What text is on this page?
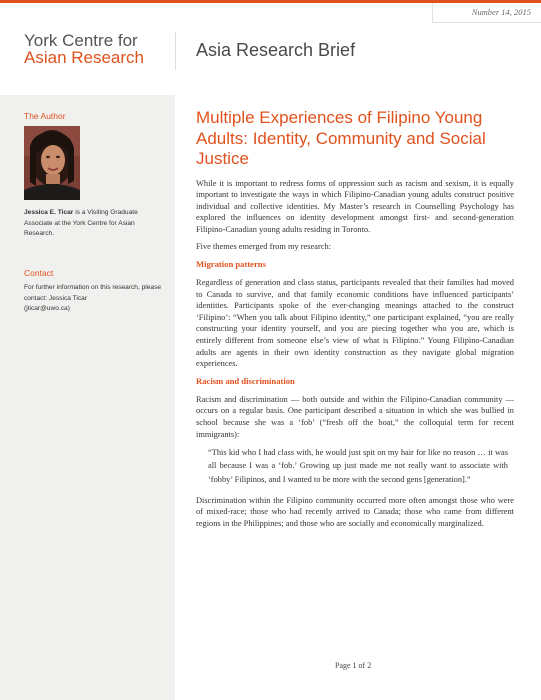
Number 14, 2015
York Centre for
Asian Research	Asia Research Brief
The Author
Jessica E. Ticar is a Visiting Graduate Associate at the York Centre for Asian Research.
Contact
For further information on this research, please contact: Jessica Ticar
(jticar@uwo.ca)
Multiple Experiences of Filipino Young Adults: Identity, Community and Social Justice

While it is important to redress forms of oppression such as racism and sexism, it is equally important to investigate the ways in which Filipino-Canadian young adults construct positive individual and collective identities. My Master’s research in Counselling Psychology has explored the influences on identity development amongst first- and second-generation Filipino-Canadian young adults residing in Toronto.

Five themes emerged from my research:

Migration patterns

Regardless of generation and class status, participants revealed that their families had moved to Canada to survive, and that family economic conditions have influenced participants’ identities. Participants spoke of the ever-changing meanings attached to the construct ‘Filipino’: “When you talk about Filipino identity,” one participant explained, “you are really constructing your identity yourself, and you are piecing together who you are, which is entirely different from someone else’s view of what is Filipino.” Young Filipino-Canadian adults are agents in their own identity construction as they navigate global migration experiences.

Racism and discrimination

Racism and discrimination — both outside and within the Filipino-Canadian community — occurs on a regular basis. One participant described a situation in which she was bullied in school because she was a ‘fob’ (“fresh off the boat,” the colloquial term for recent immigrants):

“This kid who I had class with, he would just spit on my hair for like no reason … it was all because I was a ‘fob.’ Growing up just made me not really want to associate with ‘fobby’ Filipinos, and I wanted to be more with the second gens [generation].”

Discrimination within the Filipino community occurred more often amongst those who were of mixed-race; those who had recently arrived to Canada; those who came from different regions in the Philippines; and those who are socially and economically marginalized.

Page 1 of 2
